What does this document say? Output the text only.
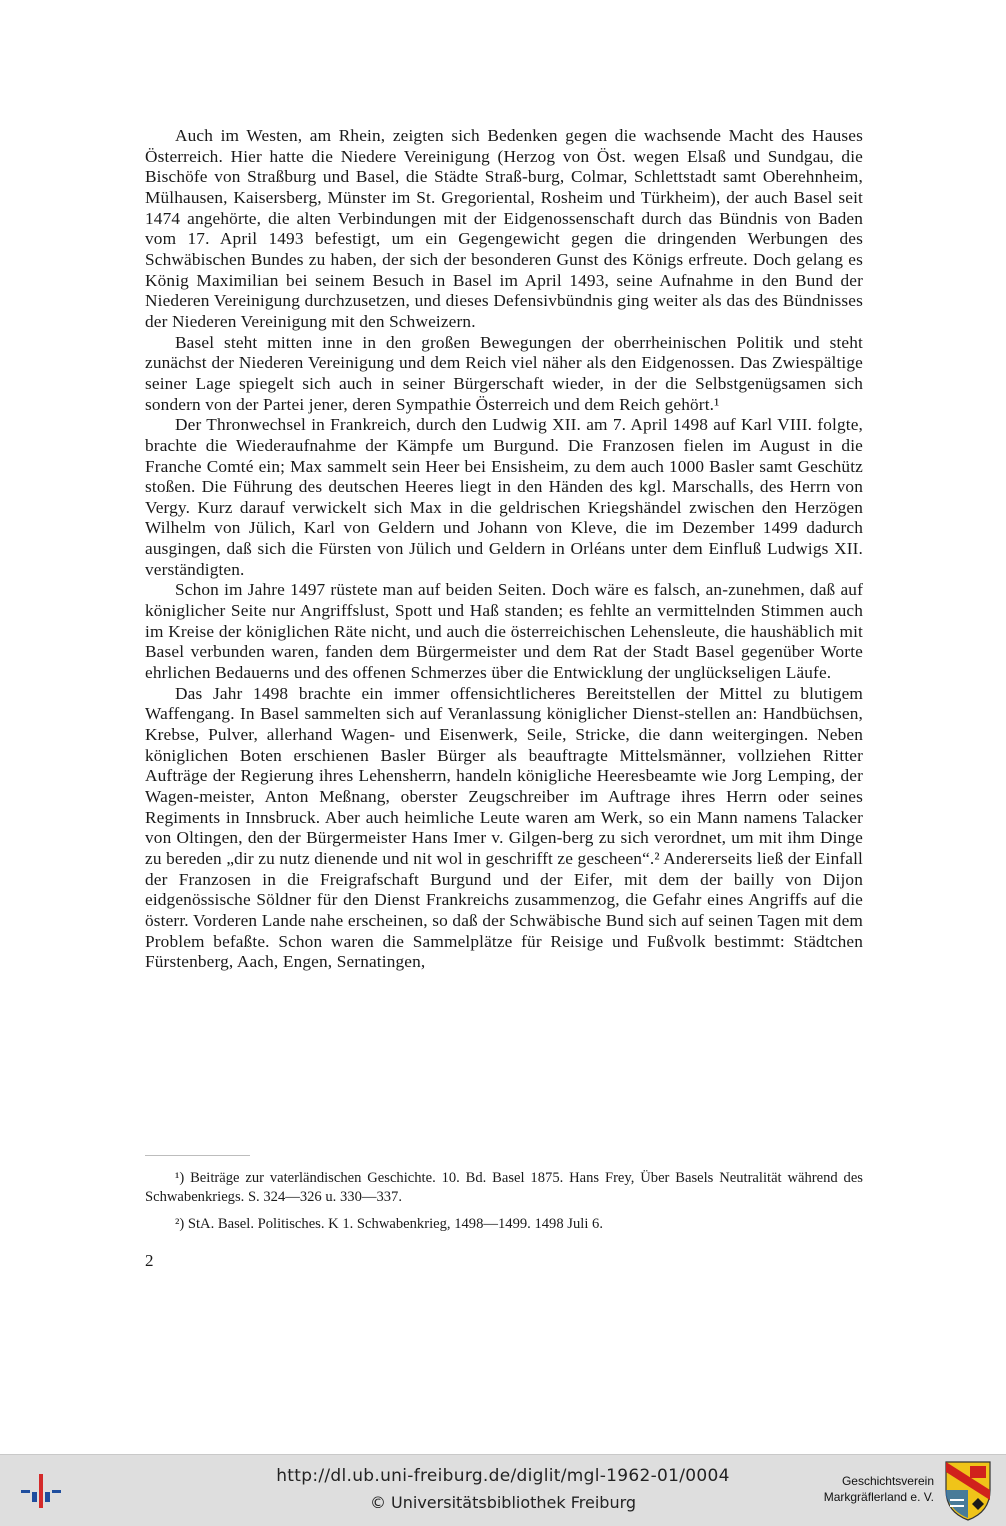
Auch im Westen, am Rhein, zeigten sich Bedenken gegen die wachsende Macht des Hauses Österreich. Hier hatte die Niedere Vereinigung (Herzog von Öst. wegen Elsaß und Sundgau, die Bischöfe von Straßburg und Basel, die Städte Straß-burg, Colmar, Schlettstadt samt Oberehnheim, Mülhausen, Kaisersberg, Münster im St. Gregoriental, Rosheim und Türkheim), der auch Basel seit 1474 angehörte, die alten Verbindungen mit der Eidgenossenschaft durch das Bündnis von Baden vom 17. April 1493 befestigt, um ein Gegengewicht gegen die dringenden Werbungen des Schwäbischen Bundes zu haben, der sich der besonderen Gunst des Königs erfreute. Doch gelang es König Maximilian bei seinem Besuch in Basel im April 1493, seine Aufnahme in den Bund der Niederen Vereinigung durchzusetzen, und dieses Defensivbündnis ging weiter als das des Bündnisses der Niederen Vereinigung mit den Schweizern.

Basel steht mitten inne in den großen Bewegungen der oberrheinischen Politik und steht zunächst der Niederen Vereinigung und dem Reich viel näher als den Eidgenossen. Das Zwiespältige seiner Lage spiegelt sich auch in seiner Bürgerschaft wieder, in der die Selbstgenügsamen sich sondern von der Partei jener, deren Sympathie Österreich und dem Reich gehört.¹

Der Thronwechsel in Frankreich, durch den Ludwig XII. am 7. April 1498 auf Karl VIII. folgte, brachte die Wiederaufnahme der Kämpfe um Burgund. Die Franzosen fielen im August in die Franche Comté ein; Max sammelt sein Heer bei Ensisheim, zu dem auch 1000 Basler samt Geschütz stoßen. Die Führung des deutschen Heeres liegt in den Händen des kgl. Marschalls, des Herrn von Vergy. Kurz darauf verwickelt sich Max in die geldrischen Kriegshändel zwischen den Herzögen Wilhelm von Jülich, Karl von Geldern und Johann von Kleve, die im Dezember 1499 dadurch ausgingen, daß sich die Fürsten von Jülich und Geldern in Orléans unter dem Einfluß Ludwigs XII. verständigten.

Schon im Jahre 1497 rüstete man auf beiden Seiten. Doch wäre es falsch, an-zunehmen, daß auf königlicher Seite nur Angriffslust, Spott und Haß standen; es fehlte an vermittelnden Stimmen auch im Kreise der königlichen Räte nicht, und auch die österreichischen Lehensleute, die haushäblich mit Basel verbunden waren, fanden dem Bürgermeister und dem Rat der Stadt Basel gegenüber Worte ehrlichen Bedauerns und des offenen Schmerzes über die Entwicklung der unglückseligen Läufe.

Das Jahr 1498 brachte ein immer offensichtlicheres Bereitstellen der Mittel zu blutigem Waffengang. In Basel sammelten sich auf Veranlassung königlicher Dienst-stellen an: Handbüchsen, Krebse, Pulver, allerhand Wagen- und Eisenwerk, Seile, Stricke, die dann weitergingen. Neben königlichen Boten erschienen Basler Bürger als beauftragte Mittelsmänner, vollziehen Ritter Aufträge der Regierung ihres Lehensherrn, handeln königliche Heeresbeamte wie Jorg Lemping, der Wagen-meister, Anton Meßnang, oberster Zeugschreiber im Auftrage ihres Herrn oder seines Regiments in Innsbruck. Aber auch heimliche Leute waren am Werk, so ein Mann namens Talacker von Oltingen, den der Bürgermeister Hans Imer v. Gilgen-berg zu sich verordnet, um mit ihm Dinge zu bereden „dir zu nutz dienende und nit wol in geschrifft ze gescheen“.² Andererseits ließ der Einfall der Franzosen in die Freigrafschaft Burgund und der Eifer, mit dem der bailly von Dijon eidgenössische Söldner für den Dienst Frankreichs zusammenzog, die Gefahr eines Angriffs auf die österr. Vorderen Lande nahe erscheinen, so daß der Schwäbische Bund sich auf seinen Tagen mit dem Problem befaßte. Schon waren die Sammelplätze für Reisige und Fußvolk bestimmt: Städtchen Fürstenberg, Aach, Engen, Sernatingen,

¹) Beiträge zur vaterländischen Geschichte. 10. Bd. Basel 1875. Hans Frey, Über Basels Neutralität während des Schwabenkriegs. S. 324—326 u. 330—337.

²) StA. Basel. Politisches. K 1. Schwabenkrieg, 1498—1499. 1498 Juli 6.

2
http://dl.ub.uni-freiburg.de/diglit/mgl-1962-01/0004
© Universitätsbibliothek Freiburg
Geschichtsverein
Markgräflerland e. V.
